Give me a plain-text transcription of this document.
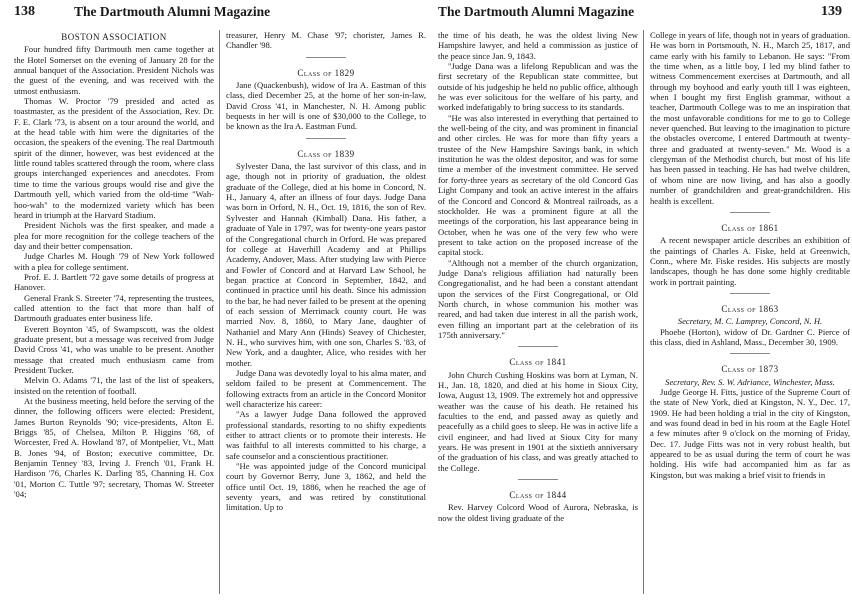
138	The Dartmouth Alumni Magazine
BOSTON ASSOCIATION

Four hundred fifty Dartmouth men came together at the Hotel Somerset on the evening of January 28 for the annual banquet of the Association. President Nichols was the guest of the evening, and was received with the utmost enthusiasm.

Thomas W. Proctor '79 presided and acted as toastmaster, as the president of the Association, Rev. Dr. F. E. Clark '73, is absent on a tour around the world, and at the head table with him were the dignitaries of the occasion, the speakers of the evening. The real Dartmouth spirit of the dinner, however, was best evidenced at the little round tables scattered through the room, where class groups interchanged experiences and anecdotes. From time to time the various groups would rise and give the Dartmouth yell, which varied from the old-time "Wah-hoo-wah" to the modernized variety which has been heard in triumph at the Harvard Stadium.

President Nichols was the first speaker, and made a plea for more recognition for the college teachers of the day and their better compensation.

Judge Charles M. Hough '79 of New York followed with a plea for college sentiment.

Prof. E. J. Bartlett '72 gave some details of progress at Hanover.

General Frank S. Streeter '74, representing the trustees, called attention to the fact that more than half of Dartmouth graduates enter business life.

Everett Boynton '45, of Swampscott, was the oldest graduate present, but a message was received from Judge David Cross '41, who was unable to be present. Another message that created much enthusiasm came from President Tucker.

Melvin O. Adams '71, the last of the list of speakers, insisted on the retention of football.

At the business meeting, held before the serving of the dinner, the following officers were elected: President, James Burton Reynolds '90; vice-presidents, Alton E. Briggs '85, of Chelsea, Milton P. Higgins '68, of Worcester, Fred A. Howland '87, of Montpelier, Vt., Matt B. Jones '94, of Boston; executive committee, Dr. Benjamin Tenney '83, Irving J. French '01, Frank H. Hardison '76, Charles K. Darling '85, Channing H. Cox '01, Morton C. Tuttle '97; secretary, Thomas W. Streeter '04;

treasurer, Henry M. Chase '97; chorister, James R. Chandler '98.

Class of 1829

Jane (Quackenbush), widow of Ira A. Eastman of this class, died December 25, at the home of her son-in-law, David Cross '41, in Manchester, N. H. Among public bequests in her will is one of $30,000 to the College, to be known as the Ira A. Eastman Fund.

Class of 1839

Sylvester Dana, the last survivor of this class, and in age, though not in priority of graduation, the oldest graduate of the College, died at his home in Concord, N. H., January 4, after an illness of four days. Judge Dana was born in Orford, N. H., Oct. 19, 1816, the son of Rev. Sylvester and Hannah (Kimball) Dana. His father, a graduate of Yale in 1797, was for twenty-one years pastor of the Congregational church in Orford. He was prepared for college at Haverhill Academy and at Phillips Academy, Andover, Mass. After studying law with Pierce and Fowler of Concord and at Harvard Law School, he began practice at Concord in September, 1842, and continued in practice until his death. Since his admission to the bar, he had never failed to be present at the opening of each session of Merrimack county court. He was married Nov. 8, 1860, to Mary Jane, daughter of Nathaniel and Mary Ann (Hinds) Seavey of Chichester, N. H., who survives him, with one son, Charles S. '83, of New York, and a daughter, Alice, who resides with her mother.

Judge Dana was devotedly loyal to his alma mater, and seldom failed to be present at Commencement. The following extracts from an article in the Concord Monitor well characterize his career:

"As a lawyer Judge Dana followed the approved professional standards, resorting to no shifty expedients either to attract clients or to promote their interests. He was faithful to all interests committed to his charge, a safe counselor and a conscientious practitioner.

"He was appointed judge of the Concord municipal court by Governor Berry, June 3, 1862, and held the office until Oct. 19, 1886, when he reached the age of seventy years, and was retired by constitutional limitation. Up to

The Dartmouth Alumni Magazine	139

the time of his death, he was the oldest living New Hampshire lawyer, and held a commission as justice of the peace since Jan. 9, 1843.

"Judge Dana was a lifelong Republican and was the first secretary of the Republican state committee, but outside of his judgeship he held no public office, although he was ever solicitous for the welfare of his party, and worked indefatigably to bring success to its standards.

"He was also interested in everything that pertained to the well-being of the city, and was prominent in financial and other circles. He was for more than fifty years a trustee of the New Hampshire Savings bank, in which institution he was the oldest depositor, and was for some time a member of the investment committee. He served for forty-three years as secretary of the old Concord Gas Light Company and took an active interest in the affairs of the Concord and Concord & Montreal railroads, as a stockholder. He was a prominent figure at all the meetings of the corporation, his last appearance being in October, when he was one of the very few who were present to take action on the proposed increase of the capital stock.

"Although not a member of the church organization, Judge Dana's religious affiliation had naturally been Congregationalist, and he had been a constant attendant upon the services of the First Congregational, or Old North church, in whose communion his mother was reared, and had taken due interest in all the parish work, even filling an important part at the celebration of its 175th anniversary."

Class of 1841

John Church Cushing Hoskins was born at Lyman, N. H., Jan. 18, 1820, and died at his home in Sioux City, Iowa, August 13, 1909. The extremely hot and oppressive weather was the cause of his death. He retained his faculties to the end, and passed away as quietly and peacefully as a child goes to sleep. He was in active life a civil engineer, and had lived at Sioux City for many years. He was present in 1901 at the sixtieth anniversary of the graduation of his class, and was greatly attached to the College.

Class of 1844

Rev. Harvey Colcord Wood of Aurora, Nebraska, is now the oldest living graduate of the

College in years of life, though not in years of graduation. He was born in Portsmouth, N. H., March 25, 1817, and came early with his family to Lebanon. He says: "From the time when, as a little boy, I led my blind father to witness Commencement exercises at Dartmouth, and all through my boyhood and early youth till I was eighteen, when I bought my first English grammar, without a teacher, Dartmouth College was to me an inspiration that the most unfavorable conditions for me to go to College never quenched. But leaving to the imagination to picture the obstacles overcome, I entered Dartmouth at twenty-three and graduated at twenty-seven." Mr. Wood is a clergyman of the Methodist church, but most of his life has been passed in teaching. He has had twelve children, of whom nine are now living, and has also a goodly number of grandchildren and great-grandchildren. His health is excellent.

Class of 1861

A recent newspaper article describes an exhibition of the paintings of Charles A. Fiske, held at Greenwich, Conn., where Mr. Fiske resides. His subjects are mostly landscapes, though he has done some highly creditable work in portrait painting.

Class of 1863

Secretary, M. C. Lamprey, Concord, N. H.

Phoebe (Horton), widow of Dr. Gardner C. Pierce of this class, died in Ashland, Mass., December 30, 1909.

Class of 1873

Secretary, Rev. S. W. Adriance, Winchester, Mass.

Judge George H. Fitts, justice of the Supreme Court of the state of New York, died at Kingston, N. Y., Dec. 17, 1909. He had been holding a trial in the city of Kingston, and was found dead in bed in his room at the Eagle Hotel a few minutes after 9 o'clock on the morning of Friday, Dec. 17. Judge Fitts was not in very robust health, but appeared to be as usual during the term of court he was holding. His wife had accompanied him as far as Kingston, but was making a brief visit to friends in
